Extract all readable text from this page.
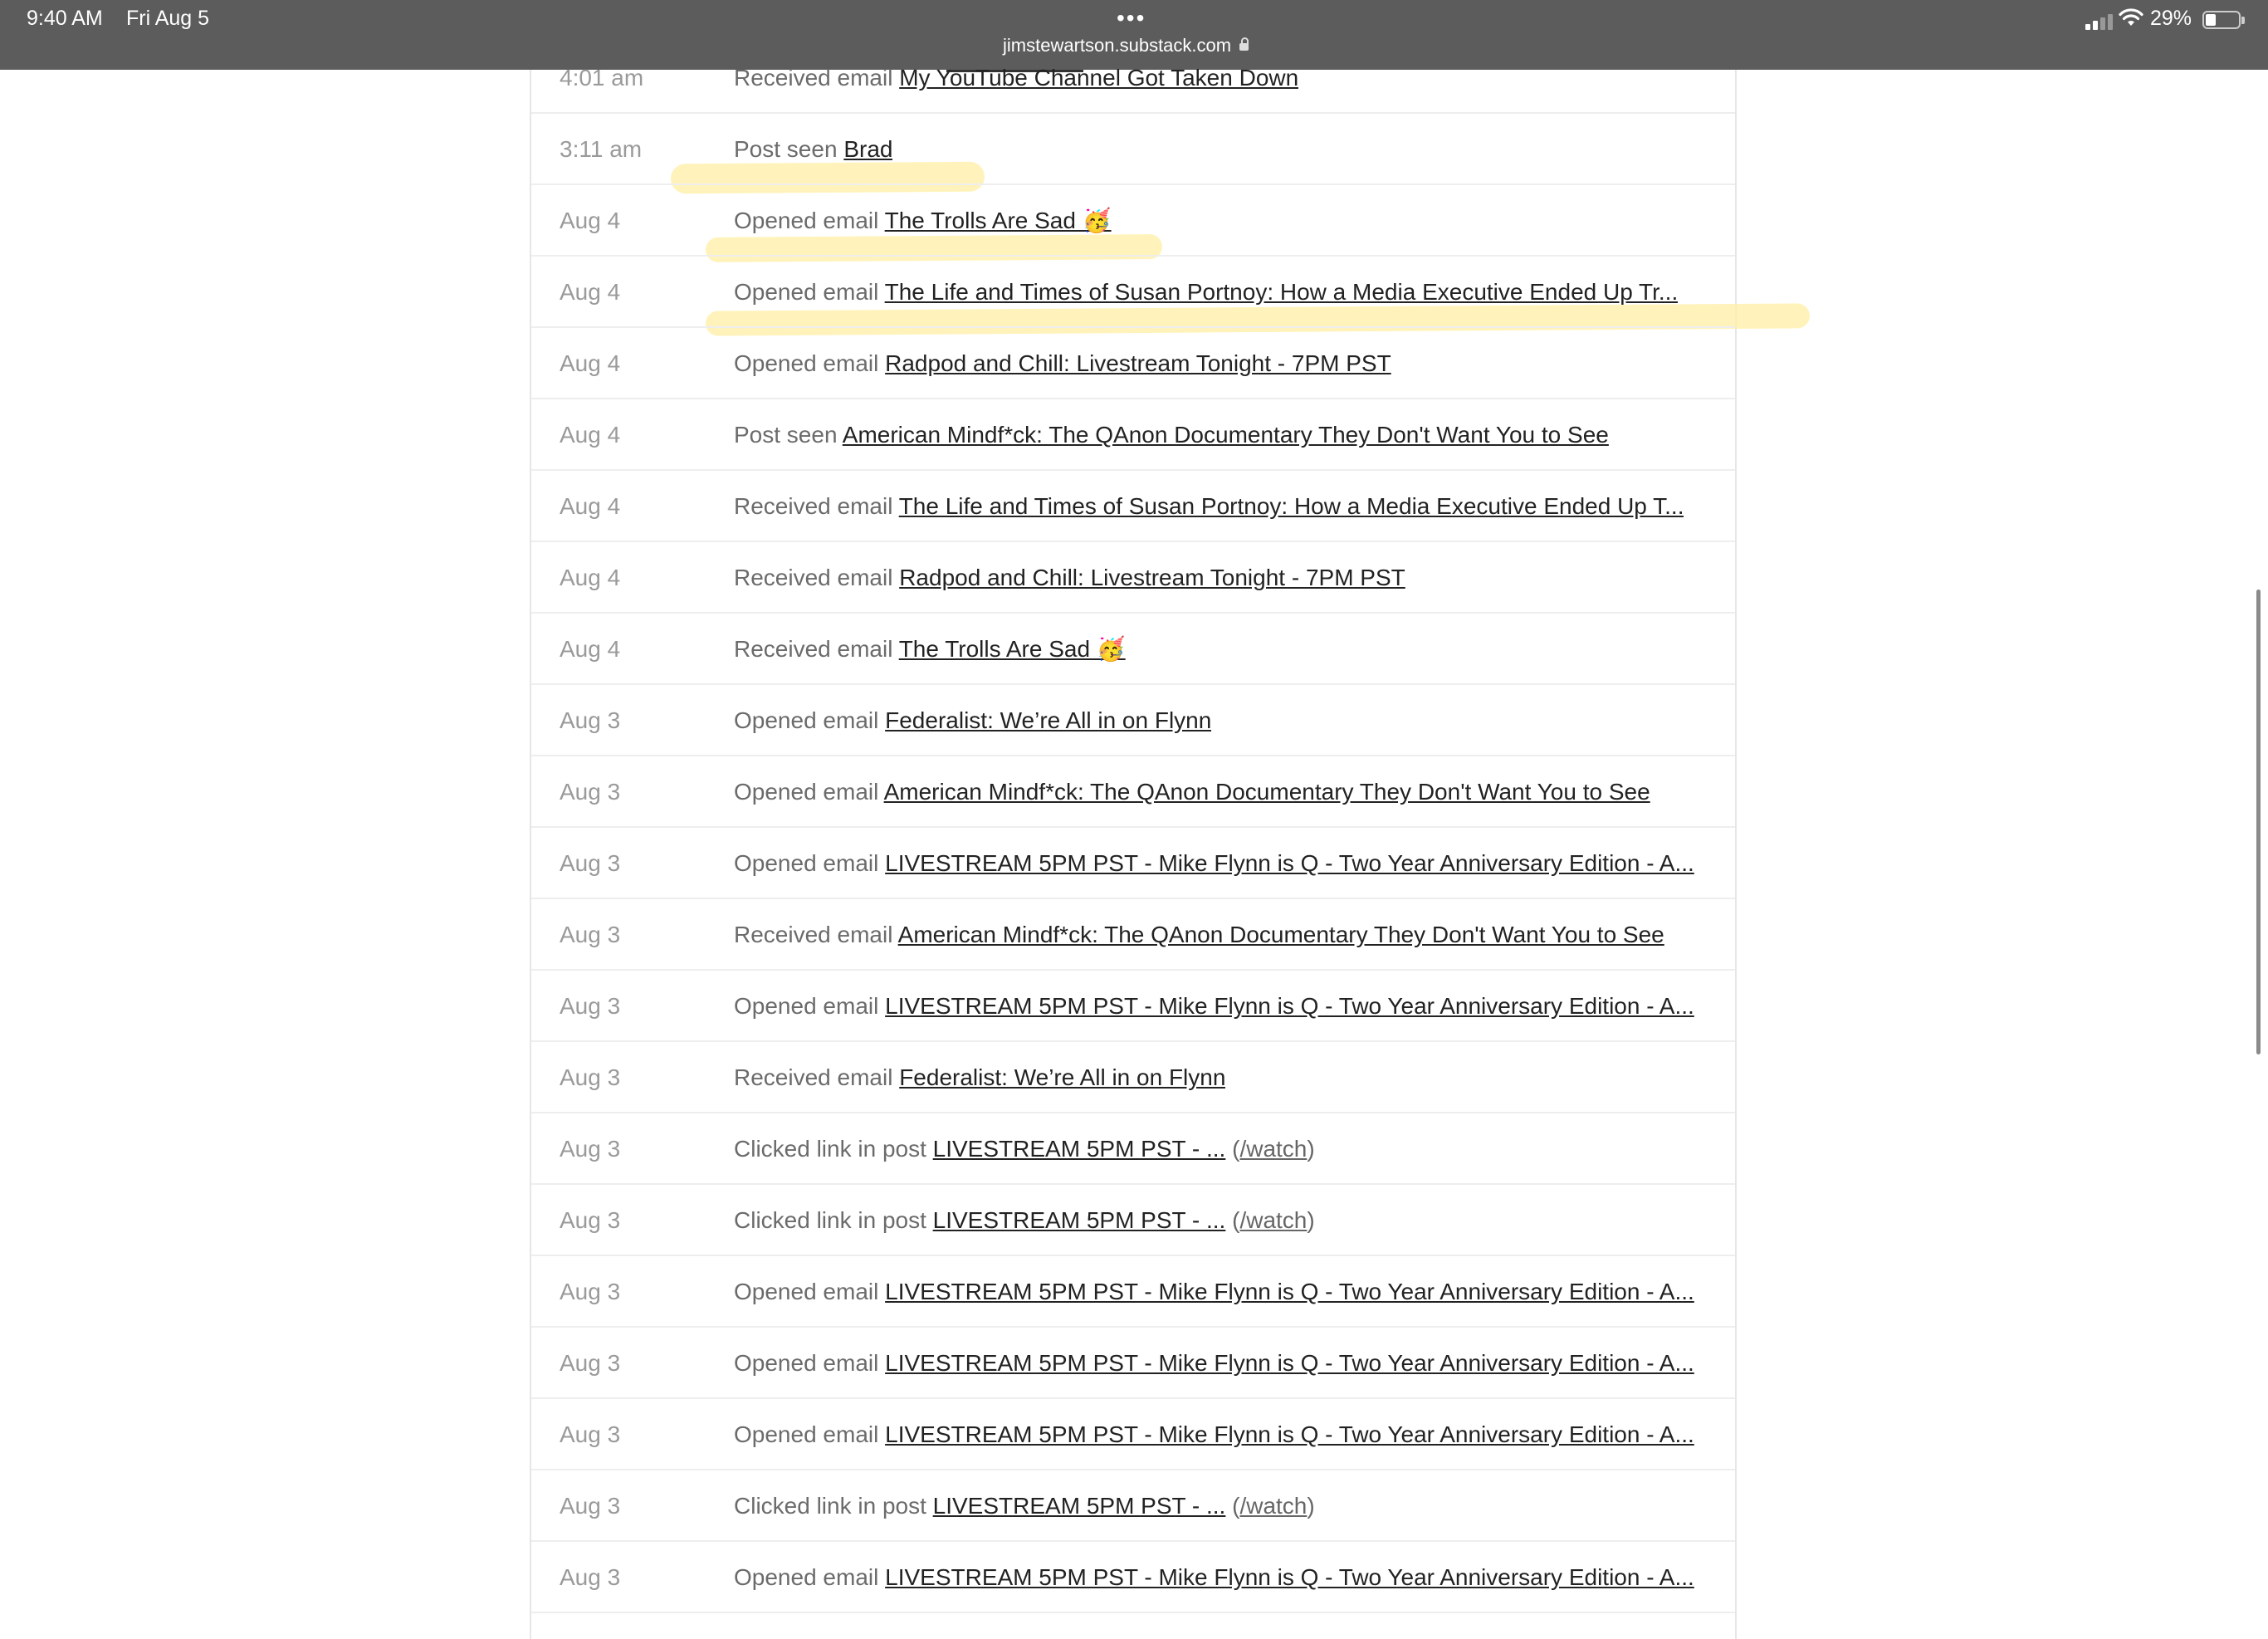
9:40 AM Fri Aug 5	•••
jimstewartson.substack.com
29%
4:01 am	Received email My YouTube Channel Got Taken Down
3:11 am	Post seen Brad
Aug 4	Opened email The Trolls Are Sad 🥳
Aug 4	Opened email The Life and Times of Susan Portnoy: How a Media Executive Ended Up Tr...
Aug 4	Opened email Radpod and Chill: Livestream Tonight - 7PM PST
Aug 4	Post seen American Mindf*ck: The QAnon Documentary They Don't Want You to See
Aug 4	Received email The Life and Times of Susan Portnoy: How a Media Executive Ended Up T...
Aug 4	Received email Radpod and Chill: Livestream Tonight - 7PM PST
Aug 4	Received email The Trolls Are Sad 🥳
Aug 3	Opened email Federalist: We’re All in on Flynn
Aug 3	Opened email American Mindf*ck: The QAnon Documentary They Don't Want You to See
Aug 3	Opened email LIVESTREAM 5PM PST - Mike Flynn is Q - Two Year Anniversary Edition - A...
Aug 3	Received email American Mindf*ck: The QAnon Documentary They Don't Want You to See
Aug 3	Opened email LIVESTREAM 5PM PST - Mike Flynn is Q - Two Year Anniversary Edition - A...
Aug 3	Received email Federalist: We’re All in on Flynn
Aug 3	Clicked link in post LIVESTREAM 5PM PST - ... (/watch)
Aug 3	Clicked link in post LIVESTREAM 5PM PST - ... (/watch)
Aug 3	Opened email LIVESTREAM 5PM PST - Mike Flynn is Q - Two Year Anniversary Edition - A...
Aug 3	Opened email LIVESTREAM 5PM PST - Mike Flynn is Q - Two Year Anniversary Edition - A...
Aug 3	Opened email LIVESTREAM 5PM PST - Mike Flynn is Q - Two Year Anniversary Edition - A...
Aug 3	Clicked link in post LIVESTREAM 5PM PST - ... (/watch)
Aug 3	Opened email LIVESTREAM 5PM PST - Mike Flynn is Q - Two Year Anniversary Edition - A...
